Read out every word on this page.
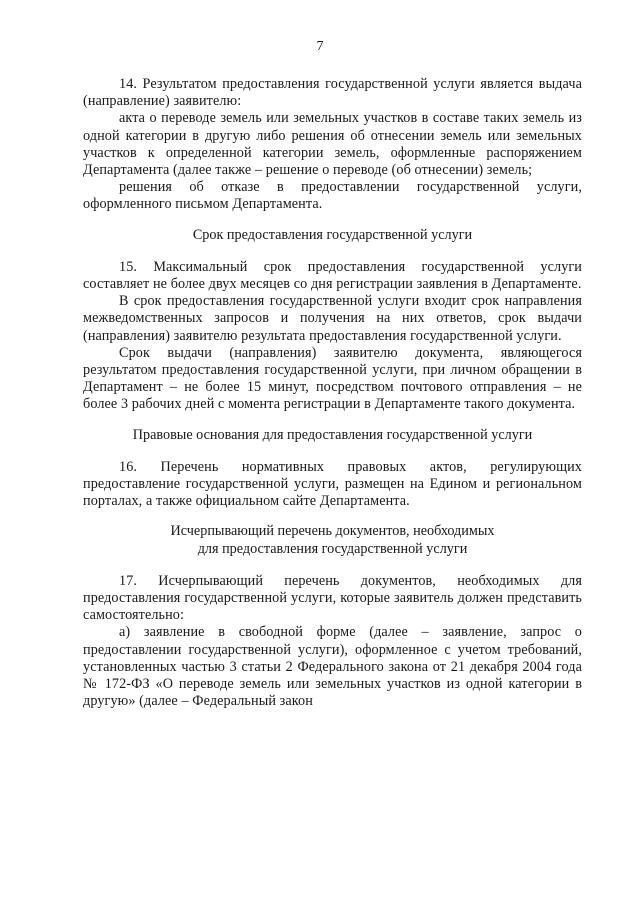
7

14. Результатом предоставления государственной услуги является выдача (направление) заявителю:

акта о переводе земель или земельных участков в составе таких земель из одной категории в другую либо решения об отнесении земель или земельных участков к определенной категории земель, оформленные распоряжением Департамента (далее также – решение о переводе (об отнесении) земель;

решения об отказе в предоставлении государственной услуги, оформленного письмом Департамента.

Срок предоставления государственной услуги

15. Максимальный срок предоставления государственной услуги составляет не более двух месяцев со дня регистрации заявления в Департаменте.

В срок предоставления государственной услуги входит срок направления межведомственных запросов и получения на них ответов, срок выдачи (направления) заявителю результата предоставления государственной услуги.

Срок выдачи (направления) заявителю документа, являющегося результатом предоставления государственной услуги, при личном обращении в Департамент – не более 15 минут, посредством почтового отправления – не более 3 рабочих дней с момента регистрации в Департаменте такого документа.

Правовые основания для предоставления государственной услуги

16. Перечень нормативных правовых актов, регулирующих предоставление государственной услуги, размещен на Едином и региональном порталах, а также официальном сайте Департамента.

Исчерпывающий перечень документов, необходимых
для предоставления государственной услуги

17. Исчерпывающий перечень документов, необходимых для предоставления государственной услуги, которые заявитель должен представить самостоятельно:

а) заявление в свободной форме (далее – заявление, запрос о предоставлении государственной услуги), оформленное с учетом требований, установленных частью 3 статьи 2 Федерального закона от 21 декабря 2004 года № 172-ФЗ «О переводе земель или земельных участков из одной категории в другую» (далее – Федеральный закон
